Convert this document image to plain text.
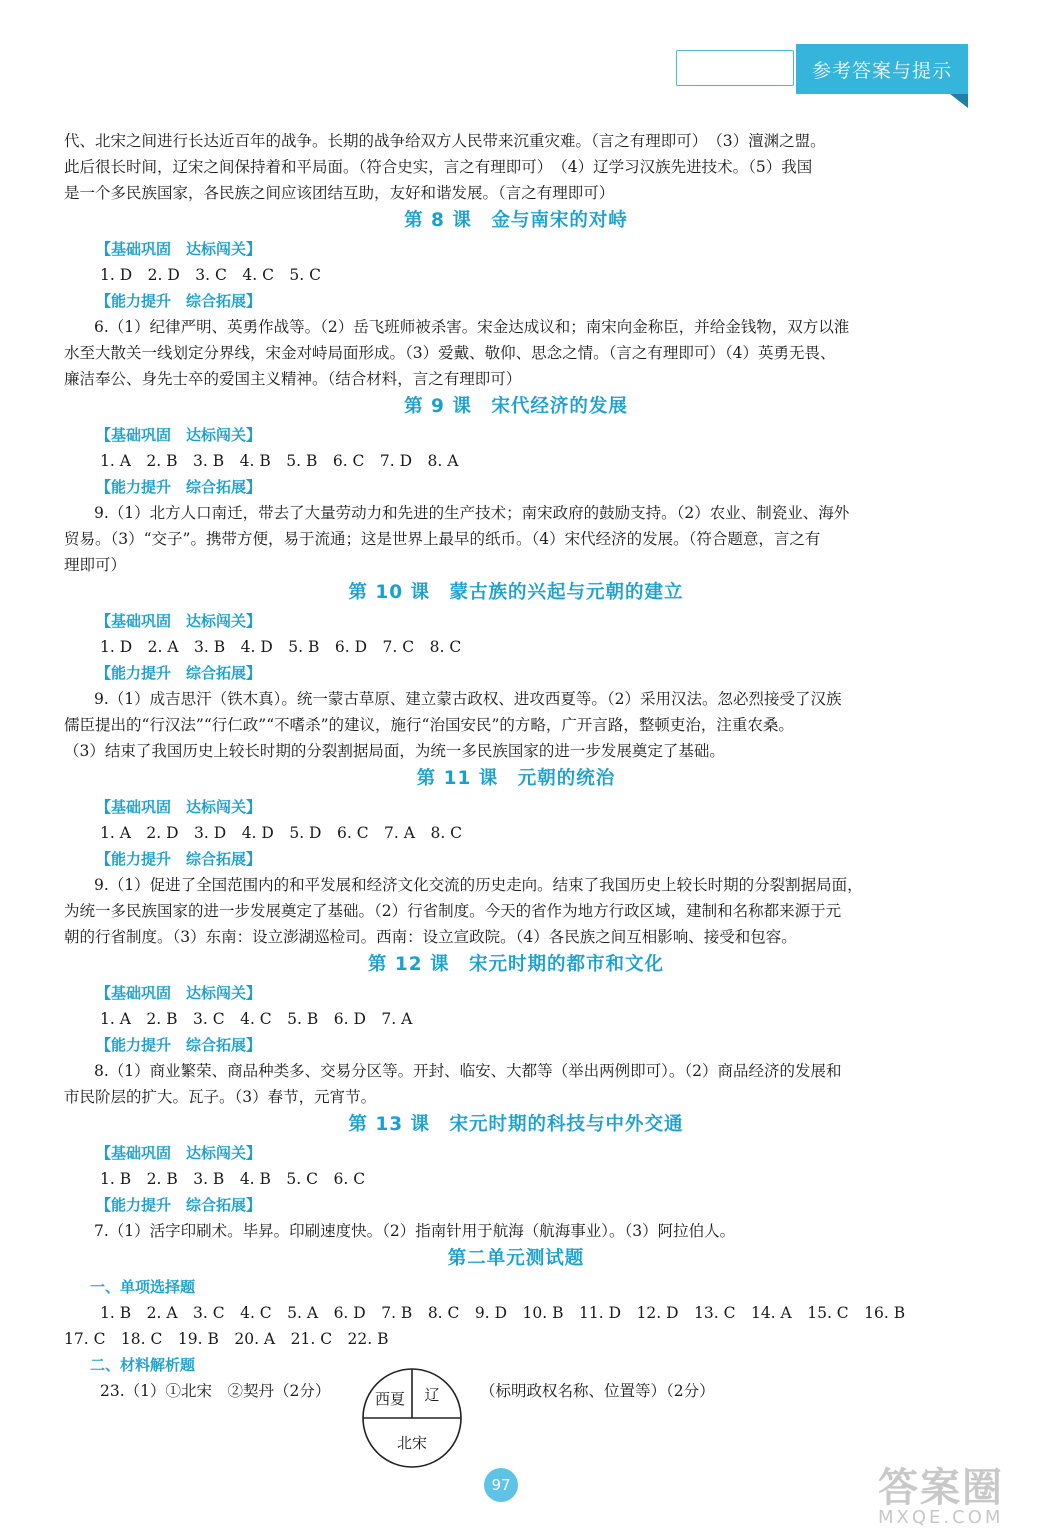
参考答案与提示

代、北宋之间进行长达近百年的战争。长期的战争给双方人民带来沉重灾难。（言之有理即可）　（3）澶渊之盟。

此后很长时间，辽宋之间保持着和平局面。（符合史实，言之有理即可）　（4）辽学习汉族先进技术。（5）我国

是一个多民族国家，各民族之间应该团结互助，友好和谐发展。（言之有理即可）

第 8 课　金与南宋的对峙

【基础巩固　达标闯关】

1. D　2. D　3. C　4. C　5. C

【能力提升　综合拓展】

6.（1）纪律严明、英勇作战等。（2）岳飞班师被杀害。宋金达成议和；南宋向金称臣，并给金钱物，双方以淮

水至大散关一线划定分界线，宋金对峙局面形成。（3）爱戴、敬仰、思念之情。（言之有理即可）（4）英勇无畏、

廉洁奉公、身先士卒的爱国主义精神。（结合材料，言之有理即可）

第 9 课　宋代经济的发展

【基础巩固　达标闯关】

1. A　2. B　3. B　4. B　5. B　6. C　7. D　8. A

【能力提升　综合拓展】

9.（1）北方人口南迁，带去了大量劳动力和先进的生产技术；南宋政府的鼓励支持。（2）农业、制瓷业、海外

贸易。（3）“交子”。携带方便，易于流通；这是世界上最早的纸币。（4）宋代经济的发展。（符合题意，言之有

理即可）

第 10 课　蒙古族的兴起与元朝的建立

【基础巩固　达标闯关】

1. D　2. A　3. B　4. D　5. B　6. D　7. C　8. C

【能力提升　综合拓展】

9.（1）成吉思汗（铁木真）。统一蒙古草原、建立蒙古政权、进攻西夏等。（2）采用汉法。忽必烈接受了汉族

儒臣提出的“行汉法”“行仁政”“不嗜杀”的建议，施行“治国安民”的方略，广开言路，整顿吏治，注重农桑。

（3）结束了我国历史上较长时期的分裂割据局面，为统一多民族国家的进一步发展奠定了基础。

第 11 课　元朝的统治

【基础巩固　达标闯关】

1. A　2. D　3. D　4. D　5. D　6. C　7. A　8. C

【能力提升　综合拓展】

9.（1）促进了全国范围内的和平发展和经济文化交流的历史走向。结束了我国历史上较长时期的分裂割据局面，

为统一多民族国家的进一步发展奠定了基础。（2）行省制度。今天的省作为地方行政区域，建制和名称都来源于元

朝的行省制度。（3）东南：设立澎湖巡检司。西南：设立宣政院。（4）各民族之间互相影响、接受和包容。

第 12 课　宋元时期的都市和文化

【基础巩固　达标闯关】

1. A　2. B　3. C　4. C　5. B　6. D　7. A

【能力提升　综合拓展】

8.（1）商业繁荣、商品种类多、交易分区等。开封、临安、大都等（举出两例即可）。（2）商品经济的发展和

市民阶层的扩大。瓦子。（3）春节，元宵节。

第 13 课　宋元时期的科技与中外交通

【基础巩固　达标闯关】

1. B　2. B　3. B　4. B　5. C　6. C

【能力提升　综合拓展】

7.（1）活字印刷术。毕昇。印刷速度快。（2）指南针用于航海（航海事业）。（3）阿拉伯人。

第二单元测试题

一、单项选择题

1. B　2. A　3. C　4. C　5. A　6. D　7. B　8. C　9. D　10. B　11. D　12. D　13. C　14. A　15. C　16. B

17. C　18. C　19. B　20. A　21. C　22. B

二、材料解析题

23.（1）①北宋　②契丹（2分）	西夏 辽
北宋
（标明政权名称、位置等）（2分）
97	答案圈
MXQE.COM
